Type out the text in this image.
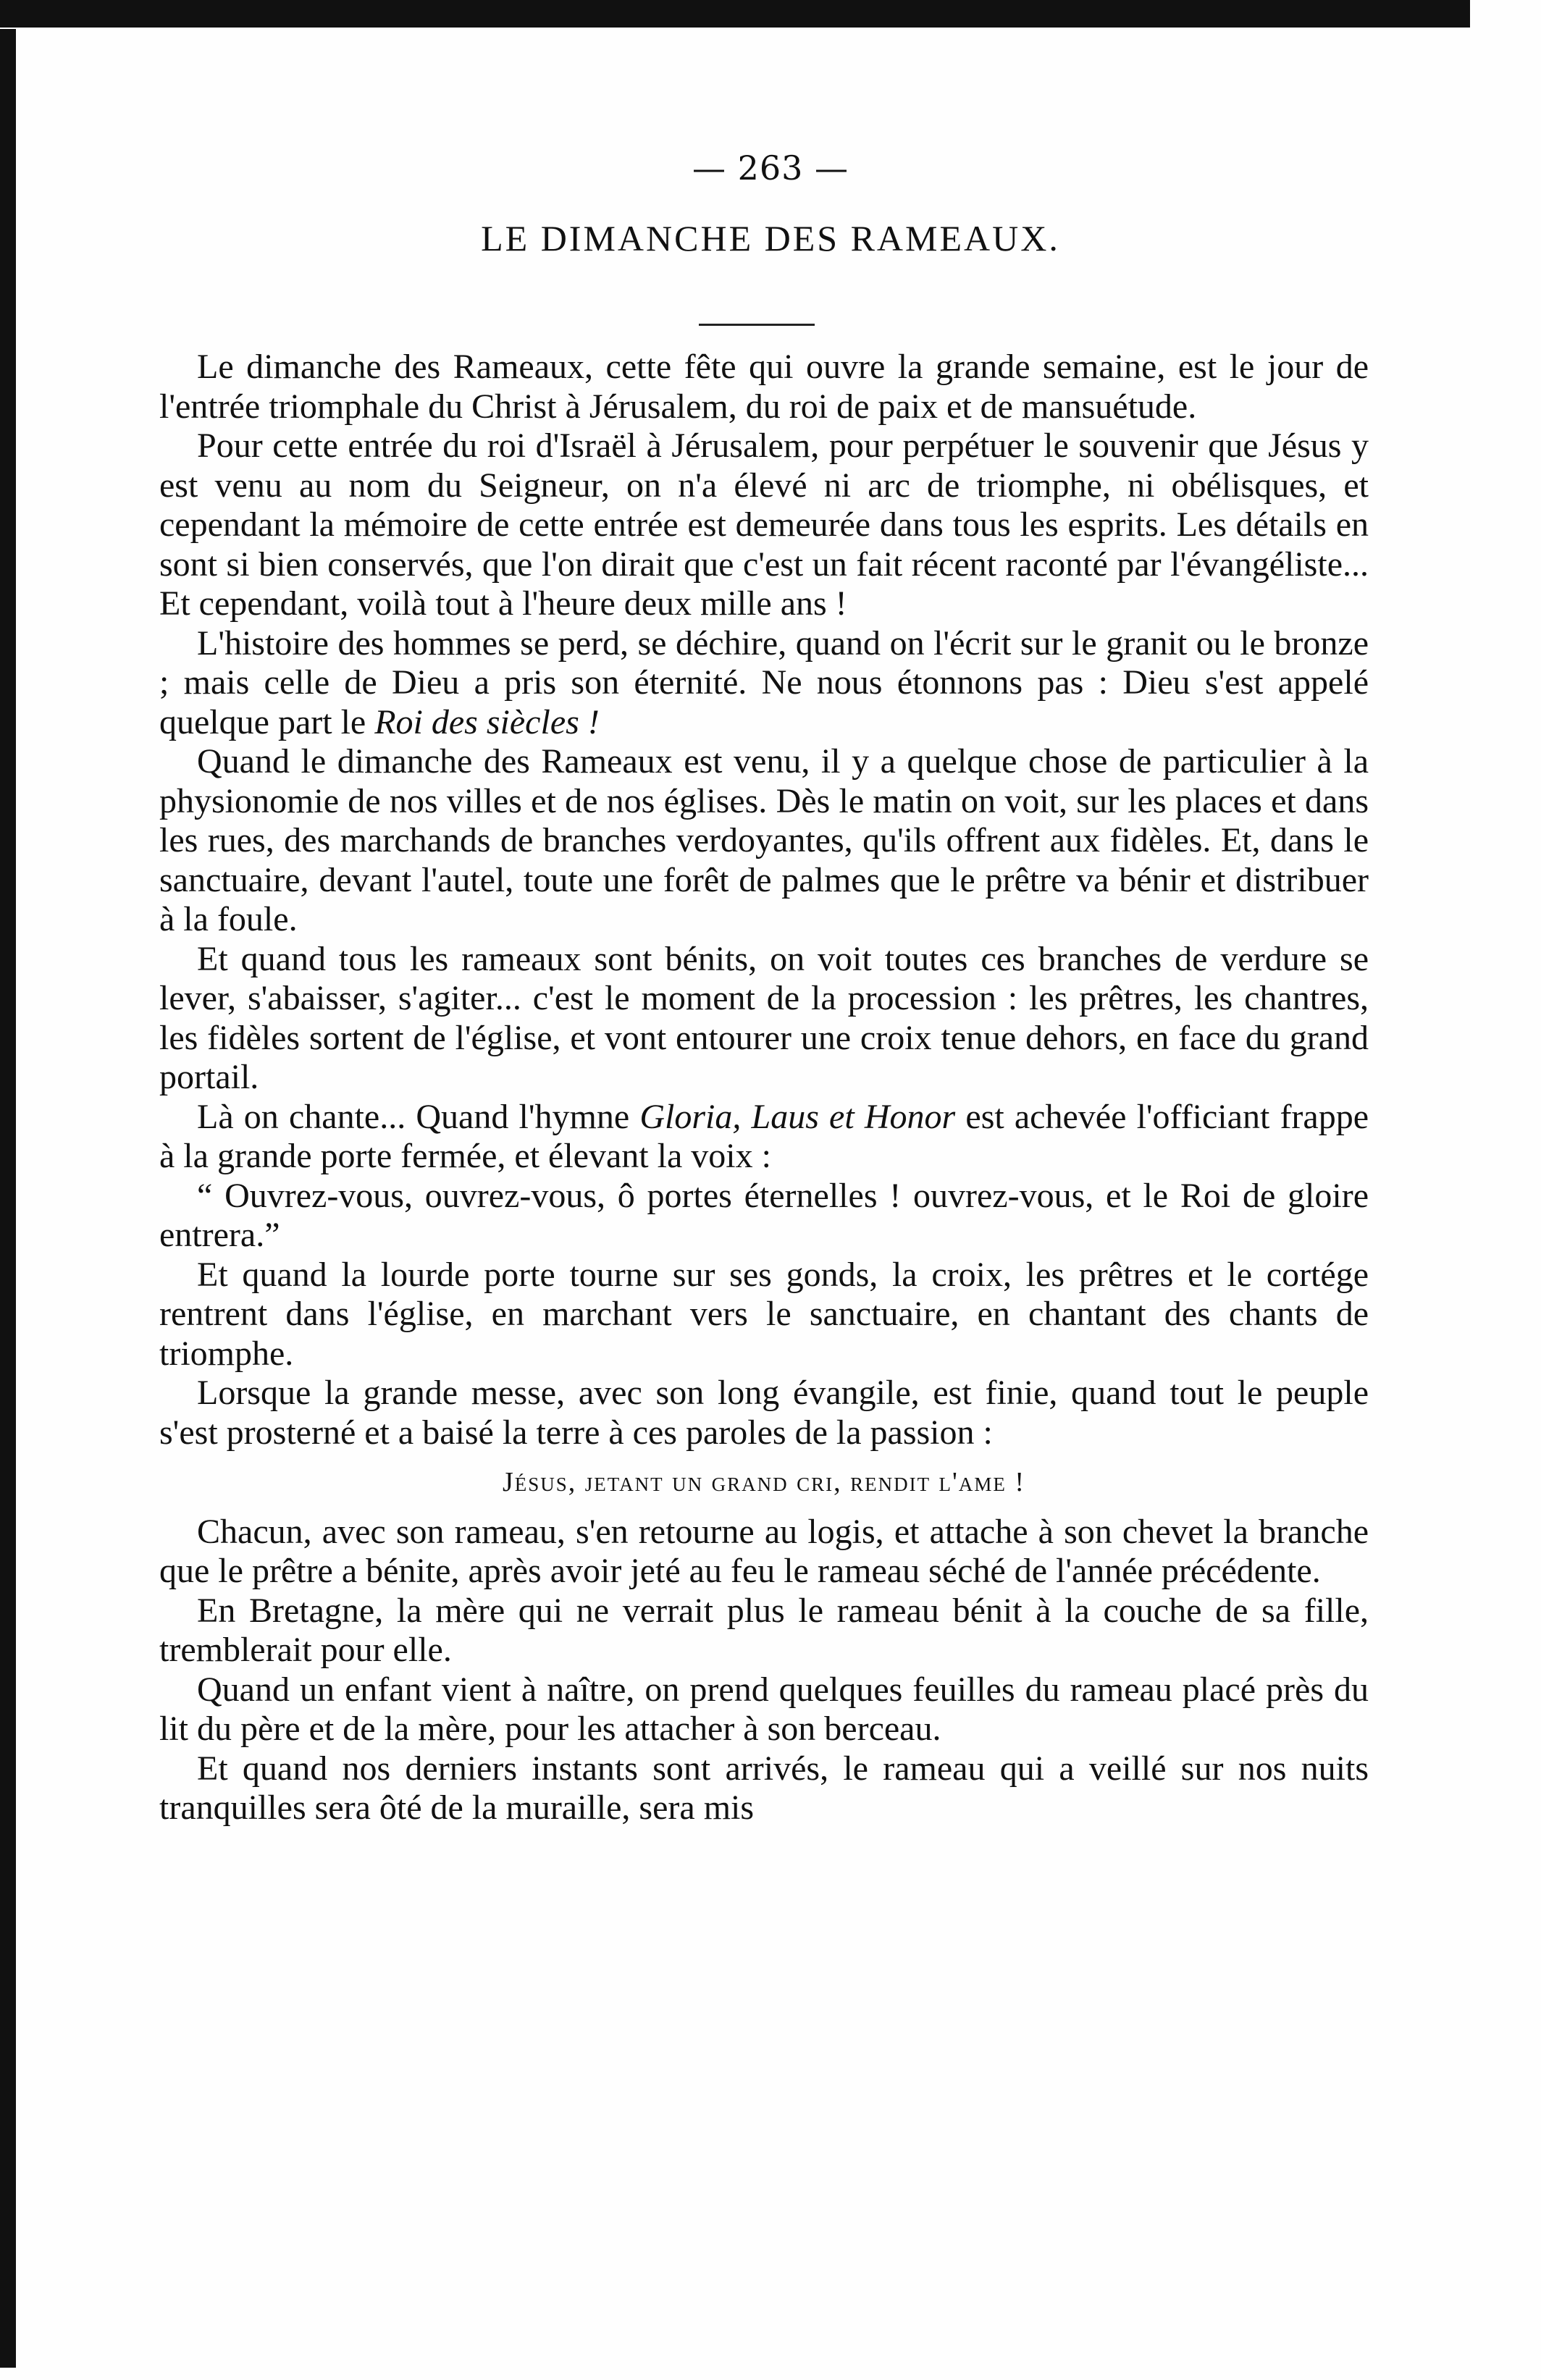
— 263 —
LE DIMANCHE DES RAMEAUX.

Le dimanche des Rameaux, cette fête qui ouvre la grande semaine, est le jour de l'entrée triomphale du Christ à Jérusalem, du roi de paix et de mansuétude.

Pour cette entrée du roi d'Israël à Jérusalem, pour perpétuer le souvenir que Jésus y est venu au nom du Seigneur, on n'a élevé ni arc de triomphe, ni obélisques, et cependant la mémoire de cette entrée est demeurée dans tous les esprits. Les détails en sont si bien conservés, que l'on dirait que c'est un fait récent raconté par l'évangéliste... Et cependant, voilà tout à l'heure deux mille ans !

L'histoire des hommes se perd, se déchire, quand on l'écrit sur le granit ou le bronze ; mais celle de Dieu a pris son éternité. Ne nous étonnons pas : Dieu s'est appelé quelque part le Roi des siècles !

Quand le dimanche des Rameaux est venu, il y a quelque chose de particulier à la physionomie de nos villes et de nos églises. Dès le matin on voit, sur les places et dans les rues, des marchands de branches verdoyantes, qu'ils offrent aux fidèles. Et, dans le sanctuaire, devant l'autel, toute une forêt de palmes que le prêtre va bénir et distribuer à la foule.

Et quand tous les rameaux sont bénits, on voit toutes ces branches de verdure se lever, s'abaisser, s'agiter... c'est le moment de la procession : les prêtres, les chantres, les fidèles sortent de l'église, et vont entourer une croix tenue dehors, en face du grand portail.

Là on chante... Quand l'hymne Gloria, Laus et Honor est achevée l'officiant frappe à la grande porte fermée, et élevant la voix :

“ Ouvrez-vous, ouvrez-vous, ô portes éternelles ! ouvrez-vous, et le Roi de gloire entrera.”

Et quand la lourde porte tourne sur ses gonds, la croix, les prêtres et le cortége rentrent dans l'église, en marchant vers le sanctuaire, en chantant des chants de triomphe.

Lorsque la grande messe, avec son long évangile, est finie, quand tout le peuple s'est prosterné et a baisé la terre à ces paroles de la passion :

Jésus, jetant un grand cri, rendit l'ame !

Chacun, avec son rameau, s'en retourne au logis, et attache à son chevet la branche que le prêtre a bénite, après avoir jeté au feu le rameau séché de l'année précédente.

En Bretagne, la mère qui ne verrait plus le rameau bénit à la couche de sa fille, tremblerait pour elle.

Quand un enfant vient à naître, on prend quelques feuilles du rameau placé près du lit du père et de la mère, pour les attacher à son berceau.

Et quand nos derniers instants sont arrivés, le rameau qui a veillé sur nos nuits tranquilles sera ôté de la muraille, sera mis
